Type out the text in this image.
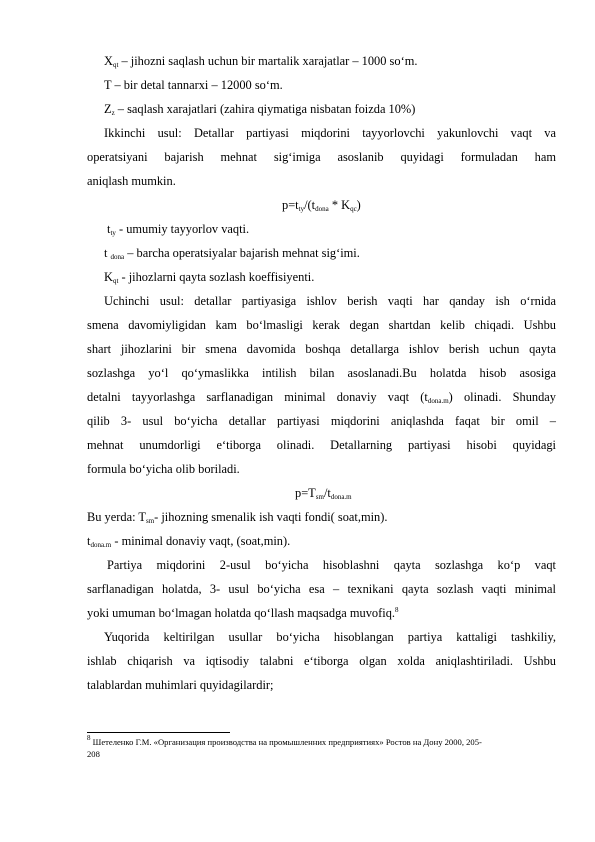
$X_{qt}$ – jihozni saqlash uchun bir martalik xarajatlar – 1000 so‘m.
T – bir detal tannarxi – 12000 so‘m.
$Z_z$ – saqlash xarajatlari (zahira qiymatiga nisbatan foizda 10%)
Ikkinchi usul: Detallar partiyasi miqdorini tayyorlovchi yakunlovchi vaqt va
operatsiyani bajarish mehnat sig‘imiga asoslanib quyidagi formuladan ham
aniqlash mumkin.
$p=t_{ty}/(t_{dona} * K_{qc})$
$t_{ty}$ - umumiy tayyorlov vaqti.
t $_{dona}$ – barcha operatsiyalar bajarish mehnat sig‘imi.
$K_{qt}$ - jihozlarni qayta sozlash koeffisiyenti.
Uchinchi usul: detallar partiyasiga ishlov berish vaqti har qanday ish o‘rnida
smena davomiyligidan kam bo‘lmasligi kerak degan shartdan kelib chiqadi. Ushbu
shart jihozlarini bir smena davomida boshqa detallarga ishlov berish uchun qayta
sozlashga yo‘l qo‘ymaslikka intilish bilan asoslanadi.Bu holatda hisob asosiga
detalni tayyorlashga sarflanadigan minimal donaviy vaqt $(t_{dona.m})$ olinadi. Shunday
qilib 3- usul bo‘yicha detallar partiyasi miqdorini aniqlashda faqat bir omil –
mehnat unumdorligi e‘tiborga olinadi. Detallarning partiyasi hisobi quyidagi
formula bo‘yicha olib boriladi.
$p=T_{sm}/t_{dona.m}$
Bu yerda: $T_{sm}-$ jihozning smenalik ish vaqti fondi( soat,min).
$t_{dona.m}$ - minimal donaviy vaqt, (soat,min).
Partiya miqdorini 2-usul bo‘yicha hisoblashni qayta sozlashga ko‘p vaqt
sarflanadigan holatda, 3- usul bo‘yicha esa – texnikani qayta sozlash vaqti minimal
yoki umuman bo‘lmagan holatda qo‘llash maqsadga muvofiq.$^8$
Yuqorida keltirilgan usullar bo‘yicha hisoblangan partiya kattaligi tashkiliy,
ishlab chiqarish va iqtisodiy talabni e‘tiborga olgan xolda aniqlashtiriladi. Ushbu
talablardan muhimlari quyidagilardir;
$^8$ Шетеленко Г.М. «Организация производства на промышленних предприятиях» Ростов на Дону 2000, 205-
208
